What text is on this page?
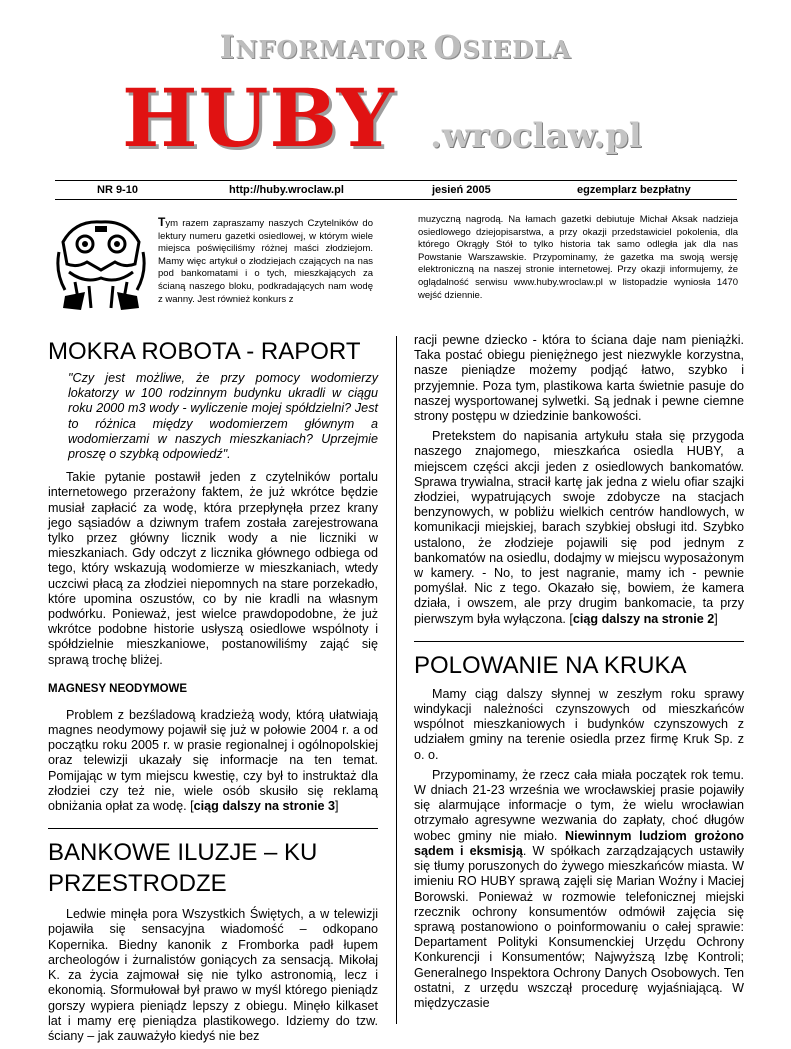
INFORMATOR OSIEDLA
HUBY .wroclaw.pl
NR 9-10	http://huby.wroclaw.pl	jesień 2005	egzemplarz bezpłatny
Tym razem zapraszamy naszych Czytelników do lektury numeru gazetki osiedlowej, w którym wiele miejsca poświęciliśmy różnej maści złodziejom. Mamy więc artykuł o złodziejach czających na nas pod bankomatami i o tych, mieszkających za ścianą naszego bloku, podkradających nam wodę z wanny. Jest również konkurs z
muzyczną nagrodą. Na łamach gazetki debiutuje Michał Aksak nadzieja osiedlowego dziejopisarstwa, a przy okazji przedstawiciel pokolenia, dla którego Okrągły Stół to tylko historia tak samo odległa jak dla nas Powstanie Warszawskie. Przypominamy, że gazetka ma swoją wersję elektroniczną na naszej stronie internetowej. Przy okazji informujemy, że oglądalność serwisu www.huby.wroclaw.pl w listopadzie wyniosła 1470 wejść dziennie.
MOKRA ROBOTA - RAPORT

"Czy jest możliwe, że przy pomocy wodomierzy lokatorzy w 100 rodzinnym budynku ukradli w ciągu roku 2000 m3 wody - wyliczenie mojej spółdzielni? Jest to różnica między wodomierzem głównym a wodomierzami w naszych mieszkaniach? Uprzejmie proszę o szybką odpowiedź".

Takie pytanie postawił jeden z czytelników portalu internetowego przerażony faktem, że już wkrótce będzie musiał zapłacić za wodę, która przepłynęła przez krany jego sąsiadów a dziwnym trafem została zarejestrowana tylko przez główny licznik wody a nie liczniki w mieszkaniach. Gdy odczyt z licznika głównego odbiega od tego, który wskazują wodomierze w mieszkaniach, wtedy uczciwi płacą za złodziei niepomnych na stare porzekadło, które upomina oszustów, co by nie kradli na własnym podwórku. Ponieważ, jest wielce prawdopodobne, że już wkrótce podobne historie usłyszą osiedlowe wspólnoty i spółdzielnie mieszkaniowe, postanowiliśmy zająć się sprawą trochę bliżej.

MAGNESY NEODYMOWE

Problem z bezśladową kradzieżą wody, którą ułatwiają magnes neodymowy pojawił się już w połowie 2004 r. a od początku roku 2005 r. w prasie regionalnej i ogólnopolskiej oraz telewizji ukazały się informacje na ten temat. Pomijając w tym miejscu kwestię, czy był to instruktaż dla złodziei czy też nie, wiele osób skusiło się reklamą obniżania opłat za wodę. [ciąg dalszy na stronie 3]

BANKOWE ILUZJE – KU PRZESTRODZE

Ledwie minęła pora Wszystkich Świętych, a w telewizji pojawiła się sensacyjna wiadomość – odkopano Kopernika. Biedny kanonik z Fromborka padł łupem archeologów i żurnalistów goniących za sensacją. Mikołaj K. za życia zajmował się nie tylko astronomią, lecz i ekonomią. Sformułował był prawo w myśl którego pieniądz gorszy wypiera pieniądz lepszy z obiegu. Minęło kilkaset lat i mamy erę pieniądza plastikowego. Idziemy do tzw. ściany – jak zauważyło kiedyś nie bez

racji pewne dziecko - która to ściana daje nam pieniążki. Taka postać obiegu pieniężnego jest niezwykle korzystna, nasze pieniądze możemy podjąć łatwo, szybko i przyjemnie. Poza tym, plastikowa karta świetnie pasuje do naszej wysportowanej sylwetki. Są jednak i pewne ciemne strony postępu w dziedzinie bankowości.

Pretekstem do napisania artykułu stała się przygoda naszego znajomego, mieszkańca osiedla HUBY, a miejscem części akcji jeden z osiedlowych bankomatów. Sprawa trywialna, stracił kartę jak jedna z wielu ofiar szajki złodziei, wypatrujących swoje zdobycze na stacjach benzynowych, w pobliżu wielkich centrów handlowych, w komunikacji miejskiej, barach szybkiej obsługi itd. Szybko ustalono, że złodzieje pojawili się pod jednym z bankomatów na osiedlu, dodajmy w miejscu wyposażonym w kamery. - No, to jest nagranie, mamy ich - pewnie pomyślał. Nic z tego. Okazało się, bowiem, że kamera działa, i owszem, ale przy drugim bankomacie, ta przy pierwszym była wyłączona. [ciąg dalszy na stronie 2]

POLOWANIE NA KRUKA

Mamy ciąg dalszy słynnej w zeszłym roku sprawy windykacji należności czynszowych od mieszkańców wspólnot mieszkaniowych i budynków czynszowych z udziałem gminy na terenie osiedla przez firmę Kruk Sp. z o. o.

Przypominamy, że rzecz cała miała początek rok temu. W dniach 21-23 września we wrocławskiej prasie pojawiły się alarmujące informacje o tym, że wielu wrocławian otrzymało agresywne wezwania do zapłaty, choć długów wobec gminy nie miało. Niewinnym ludziom grożono sądem i eksmisją. W spółkach zarządzających ustawiły się tłumy poruszonych do żywego mieszkańców miasta. W imieniu RO HUBY sprawą zajęli się Marian Woźny i Maciej Borowski. Ponieważ w rozmowie telefonicznej miejski rzecznik ochrony konsumentów odmówił zajęcia się sprawą postanowiono o poinformowaniu o całej sprawie: Departament Polityki Konsumenckiej Urzędu Ochrony Konkurencji i Konsumentów; Najwyższą Izbę Kontroli; Generalnego Inspektora Ochrony Danych Osobowych. Ten ostatni, z urzędu wszczął procedurę wyjaśniającą. W międzyczasie
